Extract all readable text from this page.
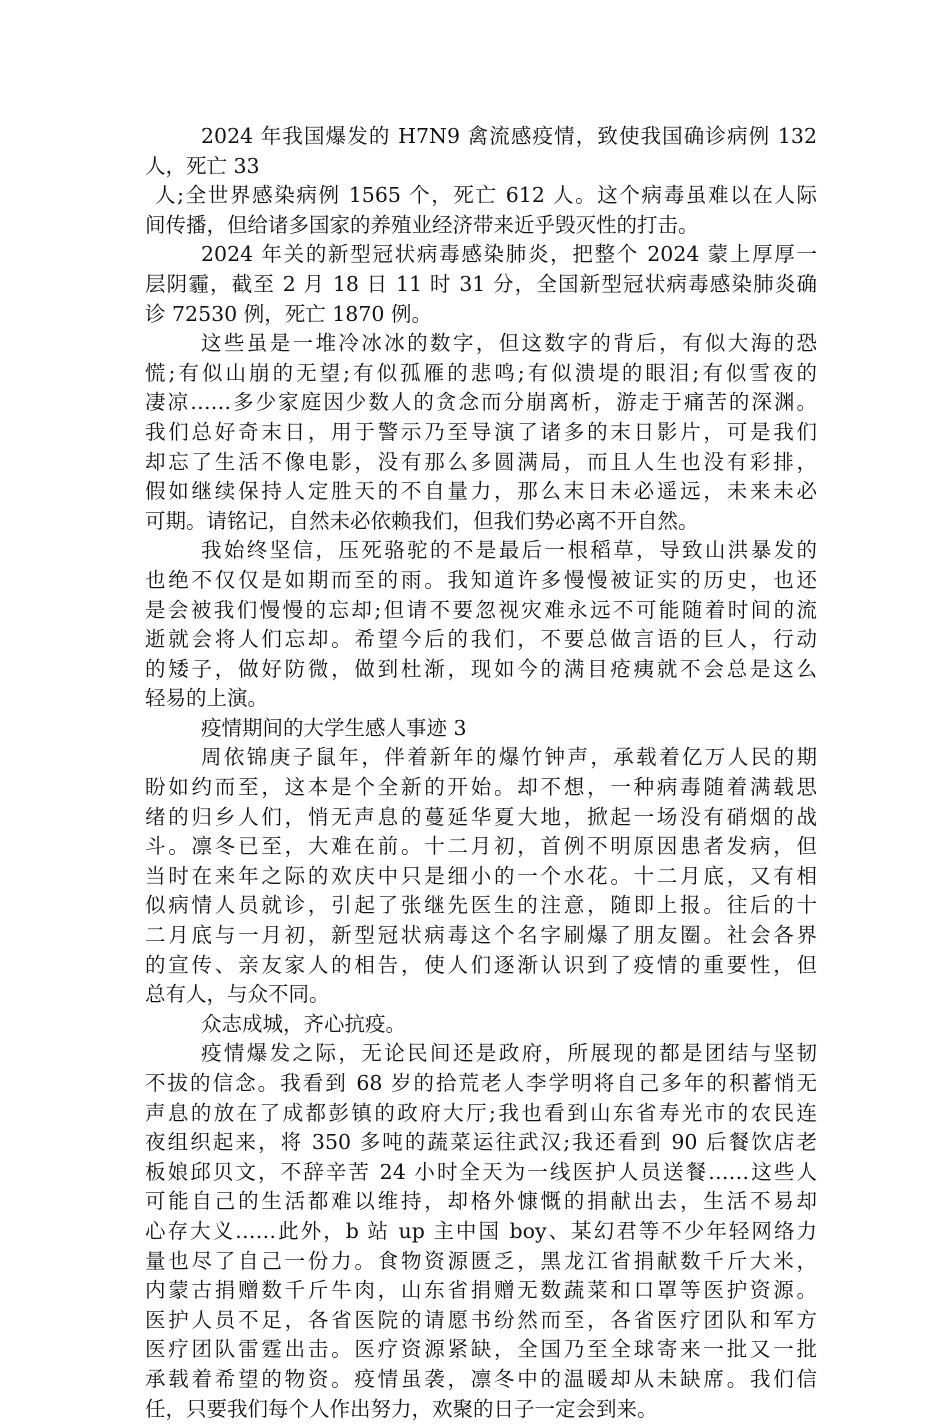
2024 年我国爆发的 H7N9 禽流感疫情，致使我国确诊病例 132
人，死亡 33
人;全世界感染病例 1565 个，死亡 612 人。这个病毒虽难以在人际
间传播，但给诸多国家的养殖业经济带来近乎毁灭性的打击。
2024 年关的新型冠状病毒感染肺炎，把整个 2024 蒙上厚厚一
层阴霾，截至 2 月 18 日 11 时 31 分，全国新型冠状病毒感染肺炎确
诊 72530 例，死亡 1870 例。
这些虽是一堆冷冰冰的数字，但这数字的背后，有似大海的恐
慌;有似山崩的无望;有似孤雁的悲鸣;有似溃堤的眼泪;有似雪夜的
凄凉……多少家庭因少数人的贪念而分崩离析，游走于痛苦的深渊。
我们总好奇末日，用于警示乃至导演了诸多的末日影片，可是我们
却忘了生活不像电影，没有那么多圆满局，而且人生也没有彩排，
假如继续保持人定胜天的不自量力，那么末日未必遥远，未来未必
可期。请铭记，自然未必依赖我们，但我们势必离不开自然。
我始终坚信，压死骆驼的不是最后一根稻草，导致山洪暴发的
也绝不仅仅是如期而至的雨。我知道许多慢慢被证实的历史，也还
是会被我们慢慢的忘却;但请不要忽视灾难永远不可能随着时间的流
逝就会将人们忘却。希望今后的我们，不要总做言语的巨人，行动
的矮子，做好防微，做到杜渐，现如今的满目疮痍就不会总是这么
轻易的上演。
疫情期间的大学生感人事迹 3
周依锦庚子鼠年，伴着新年的爆竹钟声，承载着亿万人民的期
盼如约而至，这本是个全新的开始。却不想，一种病毒随着满载思
绪的归乡人们，悄无声息的蔓延华夏大地，掀起一场没有硝烟的战
斗。凛冬已至，大难在前。十二月初，首例不明原因患者发病，但
当时在来年之际的欢庆中只是细小的一个水花。十二月底，又有相
似病情人员就诊，引起了张继先医生的注意，随即上报。往后的十
二月底与一月初，新型冠状病毒这个名字刷爆了朋友圈。社会各界
的宣传、亲友家人的相告，使人们逐渐认识到了疫情的重要性，但
总有人，与众不同。
众志成城，齐心抗疫。
疫情爆发之际，无论民间还是政府，所展现的都是团结与坚韧
不拔的信念。我看到 68 岁的拾荒老人李学明将自己多年的积蓄悄无
声息的放在了成都彭镇的政府大厅;我也看到山东省寿光市的农民连
夜组织起来，将 350 多吨的蔬菜运往武汉;我还看到 90 后餐饮店老
板娘邱贝文，不辞辛苦 24 小时全天为一线医护人员送餐……这些人
可能自己的生活都难以维持，却格外慷慨的捐献出去，生活不易却
心存大义……此外，b 站 up 主中国 boy、某幻君等不少年轻网络力
量也尽了自己一份力。食物资源匮乏，黑龙江省捐献数千斤大米，
内蒙古捐赠数千斤牛肉，山东省捐赠无数蔬菜和口罩等医护资源。
医护人员不足，各省医院的请愿书纷然而至，各省医疗团队和军方
医疗团队雷霆出击。医疗资源紧缺，全国乃至全球寄来一批又一批
承载着希望的物资。疫情虽袭，凛冬中的温暖却从未缺席。我们信
任，只要我们每个人作出努力，欢聚的日子一定会到来。
